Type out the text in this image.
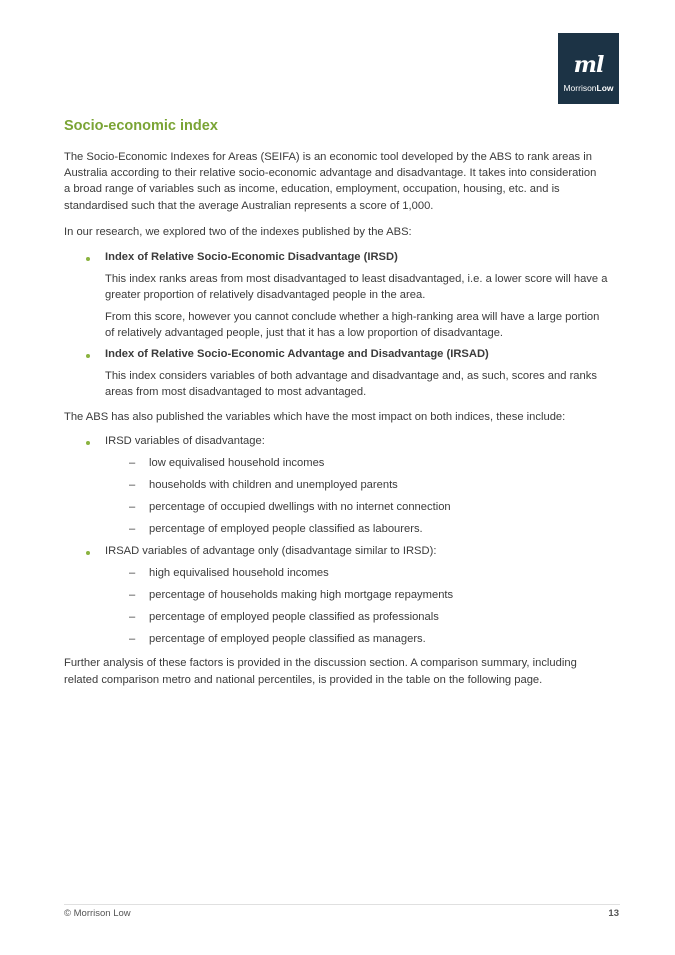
ml
MorrisonLow
Socio-economic index

The Socio-Economic Indexes for Areas (SEIFA) is an economic tool developed by the ABS to rank areas in

Australia according to their relative socio-economic advantage and disadvantage. It takes into consideration

a broad range of variables such as income, education, employment, occupation, housing, etc. and is

standardised such that the average Australian represents a score of 1,000.

In our research, we explored two of the indexes published by the ABS:

Index of Relative Socio-Economic Disadvantage (IRSD)

This index ranks areas from most disadvantaged to least disadvantaged, i.e. a lower score will have a

greater proportion of relatively disadvantaged people in the area.

From this score, however you cannot conclude whether a high-ranking area will have a large portion

of relatively advantaged people, just that it has a low proportion of disadvantage.

Index of Relative Socio-Economic Advantage and Disadvantage (IRSAD)

This index considers variables of both advantage and disadvantage and, as such, scores and ranks

areas from most disadvantaged to most advantaged.

The ABS has also published the variables which have the most impact on both indices, these include:

IRSD variables of disadvantage:

– low equivalised household incomes

– households with children and unemployed parents

– percentage of occupied dwellings with no internet connection

– percentage of employed people classified as labourers.

IRSAD variables of advantage only (disadvantage similar to IRSD):

– high equivalised household incomes

– percentage of households making high mortgage repayments

– percentage of employed people classified as professionals

– percentage of employed people classified as managers.

Further analysis of these factors is provided in the discussion section. A comparison summary, including

related comparison metro and national percentiles, is provided in the table on the following page.

© Morrison Low	13
